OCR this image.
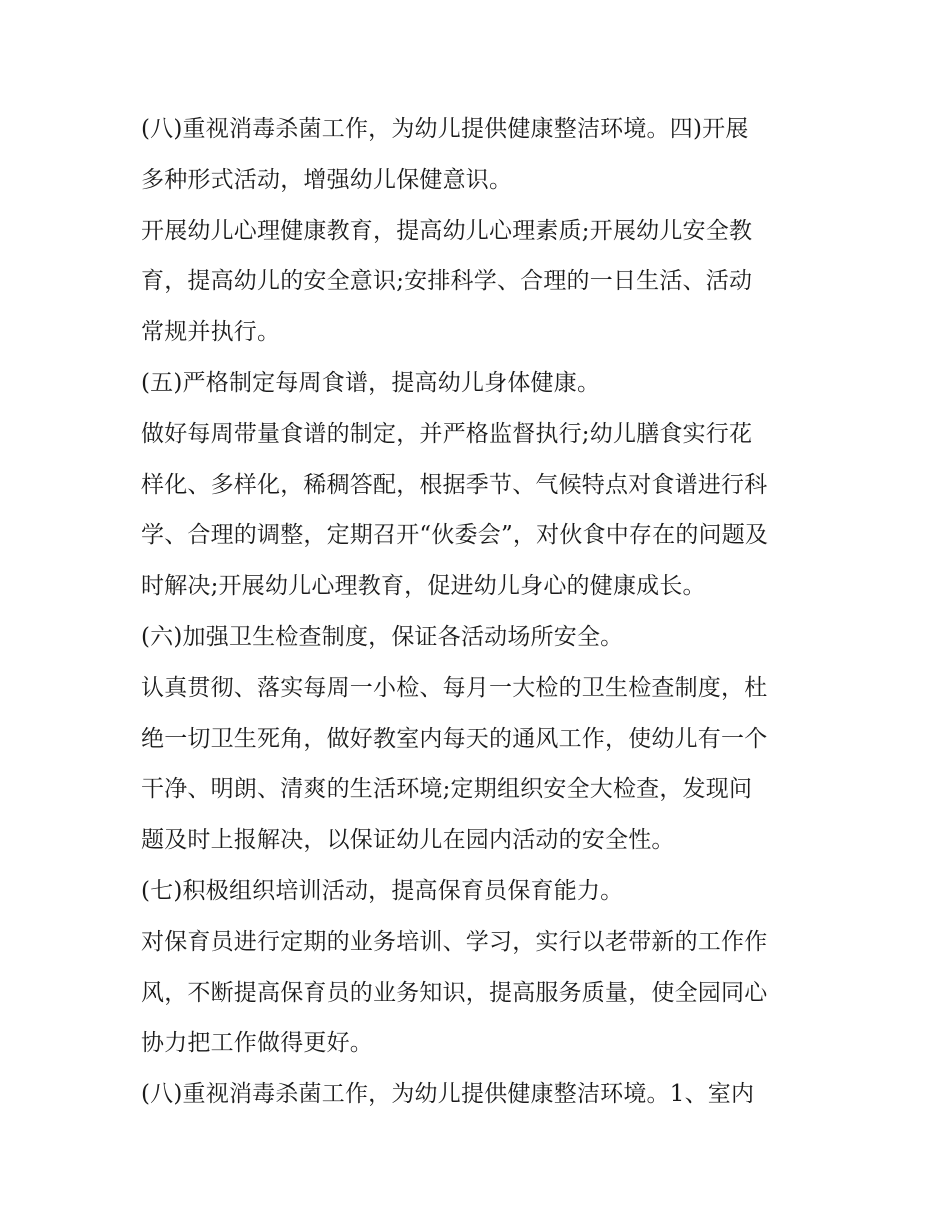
(八)重视消毒杀菌工作，为幼儿提供健康整洁环境。四)开展
多种形式活动，增强幼儿保健意识。
开展幼儿心理健康教育，提高幼儿心理素质;开展幼儿安全教
育，提高幼儿的安全意识;安排科学、合理的一日生活、活动
常规并执行。
(五)严格制定每周食谱，提高幼儿身体健康。
做好每周带量食谱的制定，并严格监督执行;幼儿膳食实行花
样化、多样化，稀稠答配，根据季节、气候特点对食谱进行科
学、合理的调整，定期召开“伙委会”，对伙食中存在的问题及
时解决;开展幼儿心理教育，促进幼儿身心的健康成长。
(六)加强卫生检查制度，保证各活动场所安全。
认真贯彻、落实每周一小检、每月一大检的卫生检查制度，杜
绝一切卫生死角，做好教室内每天的通风工作，使幼儿有一个
干净、明朗、清爽的生活环境;定期组织安全大检查，发现问
题及时上报解决，以保证幼儿在园内活动的安全性。
(七)积极组织培训活动，提高保育员保育能力。
对保育员进行定期的业务培训、学习，实行以老带新的工作作
风，不断提高保育员的业务知识，提高服务质量，使全园同心
协力把工作做得更好。
(八)重视消毒杀菌工作，为幼儿提供健康整洁环境。1、室内
